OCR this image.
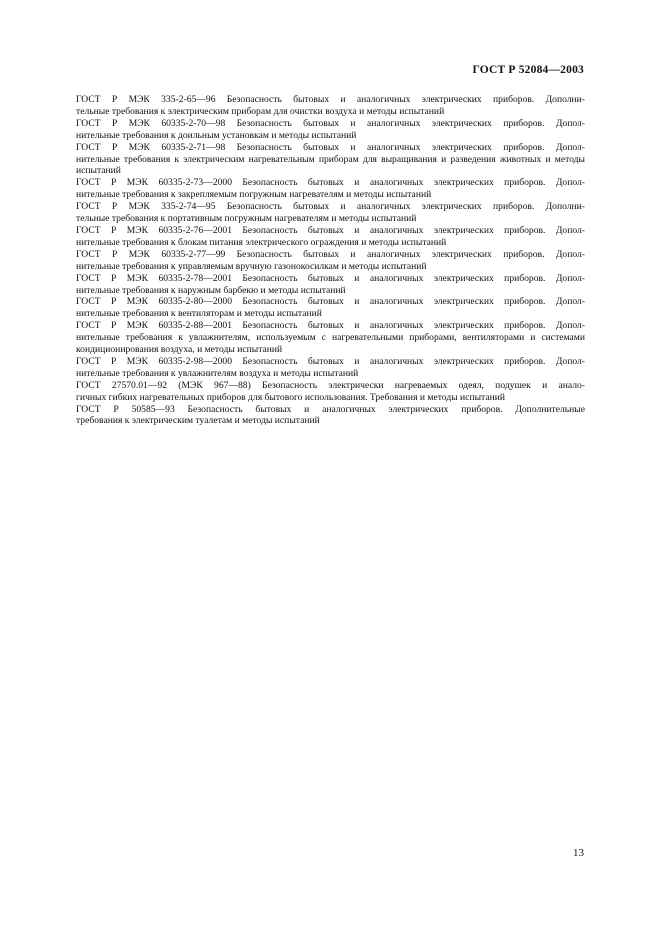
ГОСТ Р 52084—2003

ГОСТ Р МЭК 335-2-65—96 Безопасность бытовых и аналогичных электрических приборов. Дополни-
тельные требования к электрическим приборам для очистки воздуха и методы испытаний

ГОСТ Р МЭК 60335-2-70—98 Безопасность бытовых и аналогичных электрических приборов. Допол-
нительные требования к доильным установкам и методы испытаний

ГОСТ Р МЭК 60335-2-71—98 Безопасность бытовых и аналогичных электрических приборов. Допол-
нительные требования к электрическим нагревательным приборам для выращивания и разведения животных и методы испытаний

ГОСТ Р МЭК 60335-2-73—2000 Безопасность бытовых и аналогичных электрических приборов. Допол-
нительные требования к закрепляемым погружным нагревателям и методы испытаний

ГОСТ Р МЭК 335-2-74—95 Безопасность бытовых и аналогичных электрических приборов. Дополни-
тельные требования к портативным погружным нагревателям и методы испытаний

ГОСТ Р МЭК 60335-2-76—2001 Безопасность бытовых и аналогичных электрических приборов. Допол-
нительные требования к блокам питания электрического ограждения и методы испытаний

ГОСТ Р МЭК 60335-2-77—99 Безопасность бытовых и аналогичных электрических приборов. Допол-
нительные требования к управляемым вручную газонокосилкам и методы испытаний

ГОСТ Р МЭК 60335-2-78—2001 Безопасность бытовых и аналогичных электрических приборов. Допол-
нительные требования к наружным барбекю и методы испытаний

ГОСТ Р МЭК 60335-2-80—2000 Безопасность бытовых и аналогичных электрических приборов. Допол-
нительные требования к вентиляторам и методы испытаний

ГОСТ Р МЭК 60335-2-88—2001 Безопасность бытовых и аналогичных электрических приборов. Допол-
нительные требования к увлажнителям, используемым с нагревательными приборами, вентиляторами и системами кондиционирования воздуха, и методы испытаний

ГОСТ Р МЭК 60335-2-98—2000 Безопасность бытовых и аналогичных электрических приборов. Допол-
нительные требования к увлажнителям воздуха и методы испытаний

ГОСТ 27570.01—92 (МЭК 967—88) Безопасность электрически нагреваемых одеял, подушек и анало-
гичных гибких нагревательных приборов для бытового использования. Требования и методы испытаний

ГОСТ Р 50585—93 Безопасность бытовых и аналогичных электрических приборов. Дополнительные
требования к электрическим туалетам и методы испытаний

13
